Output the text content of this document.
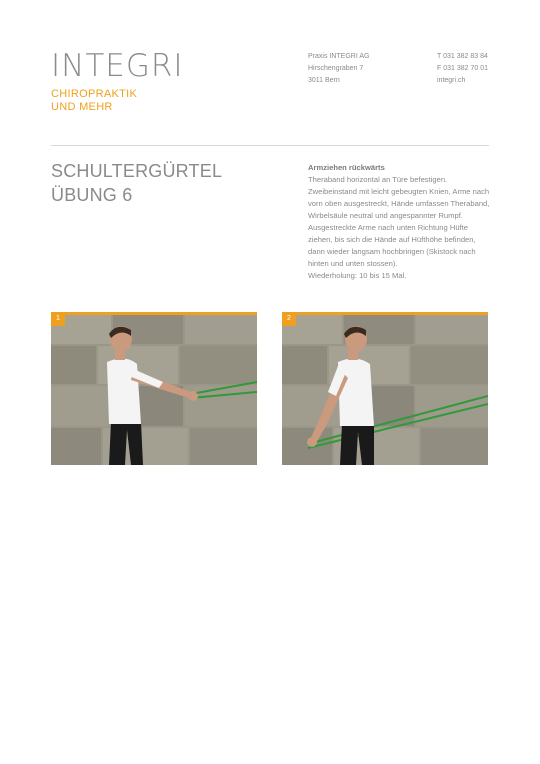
INTEGRI
CHIROPRAKTIK
UND MEHR
Praxis INTEGRI AG
Hirschengraben 7
3011 Bern
T 031 382 83 84
F 031 382 70 01
integri.ch
SCHULTERGÜRTEL
ÜBUNG 6
Armziehen rückwärts
Theraband horizontal an Türe befestigen. Zweibeinstand mit leicht gebeugten Knien, Arme nach vorn oben ausgestreckt, Hände umfassen Theraband, Wirbelsäule neutral und angespannter Rumpf. Ausgestreckte Arme nach unten Richtung Hüfte ziehen, bis sich die Hände auf Hüfthöhe befinden, dann wieder langsam hochbringen (Skistock nach hinten und unten stossen).
Wiederholung: 10 bis 15 Mal.
1	2
